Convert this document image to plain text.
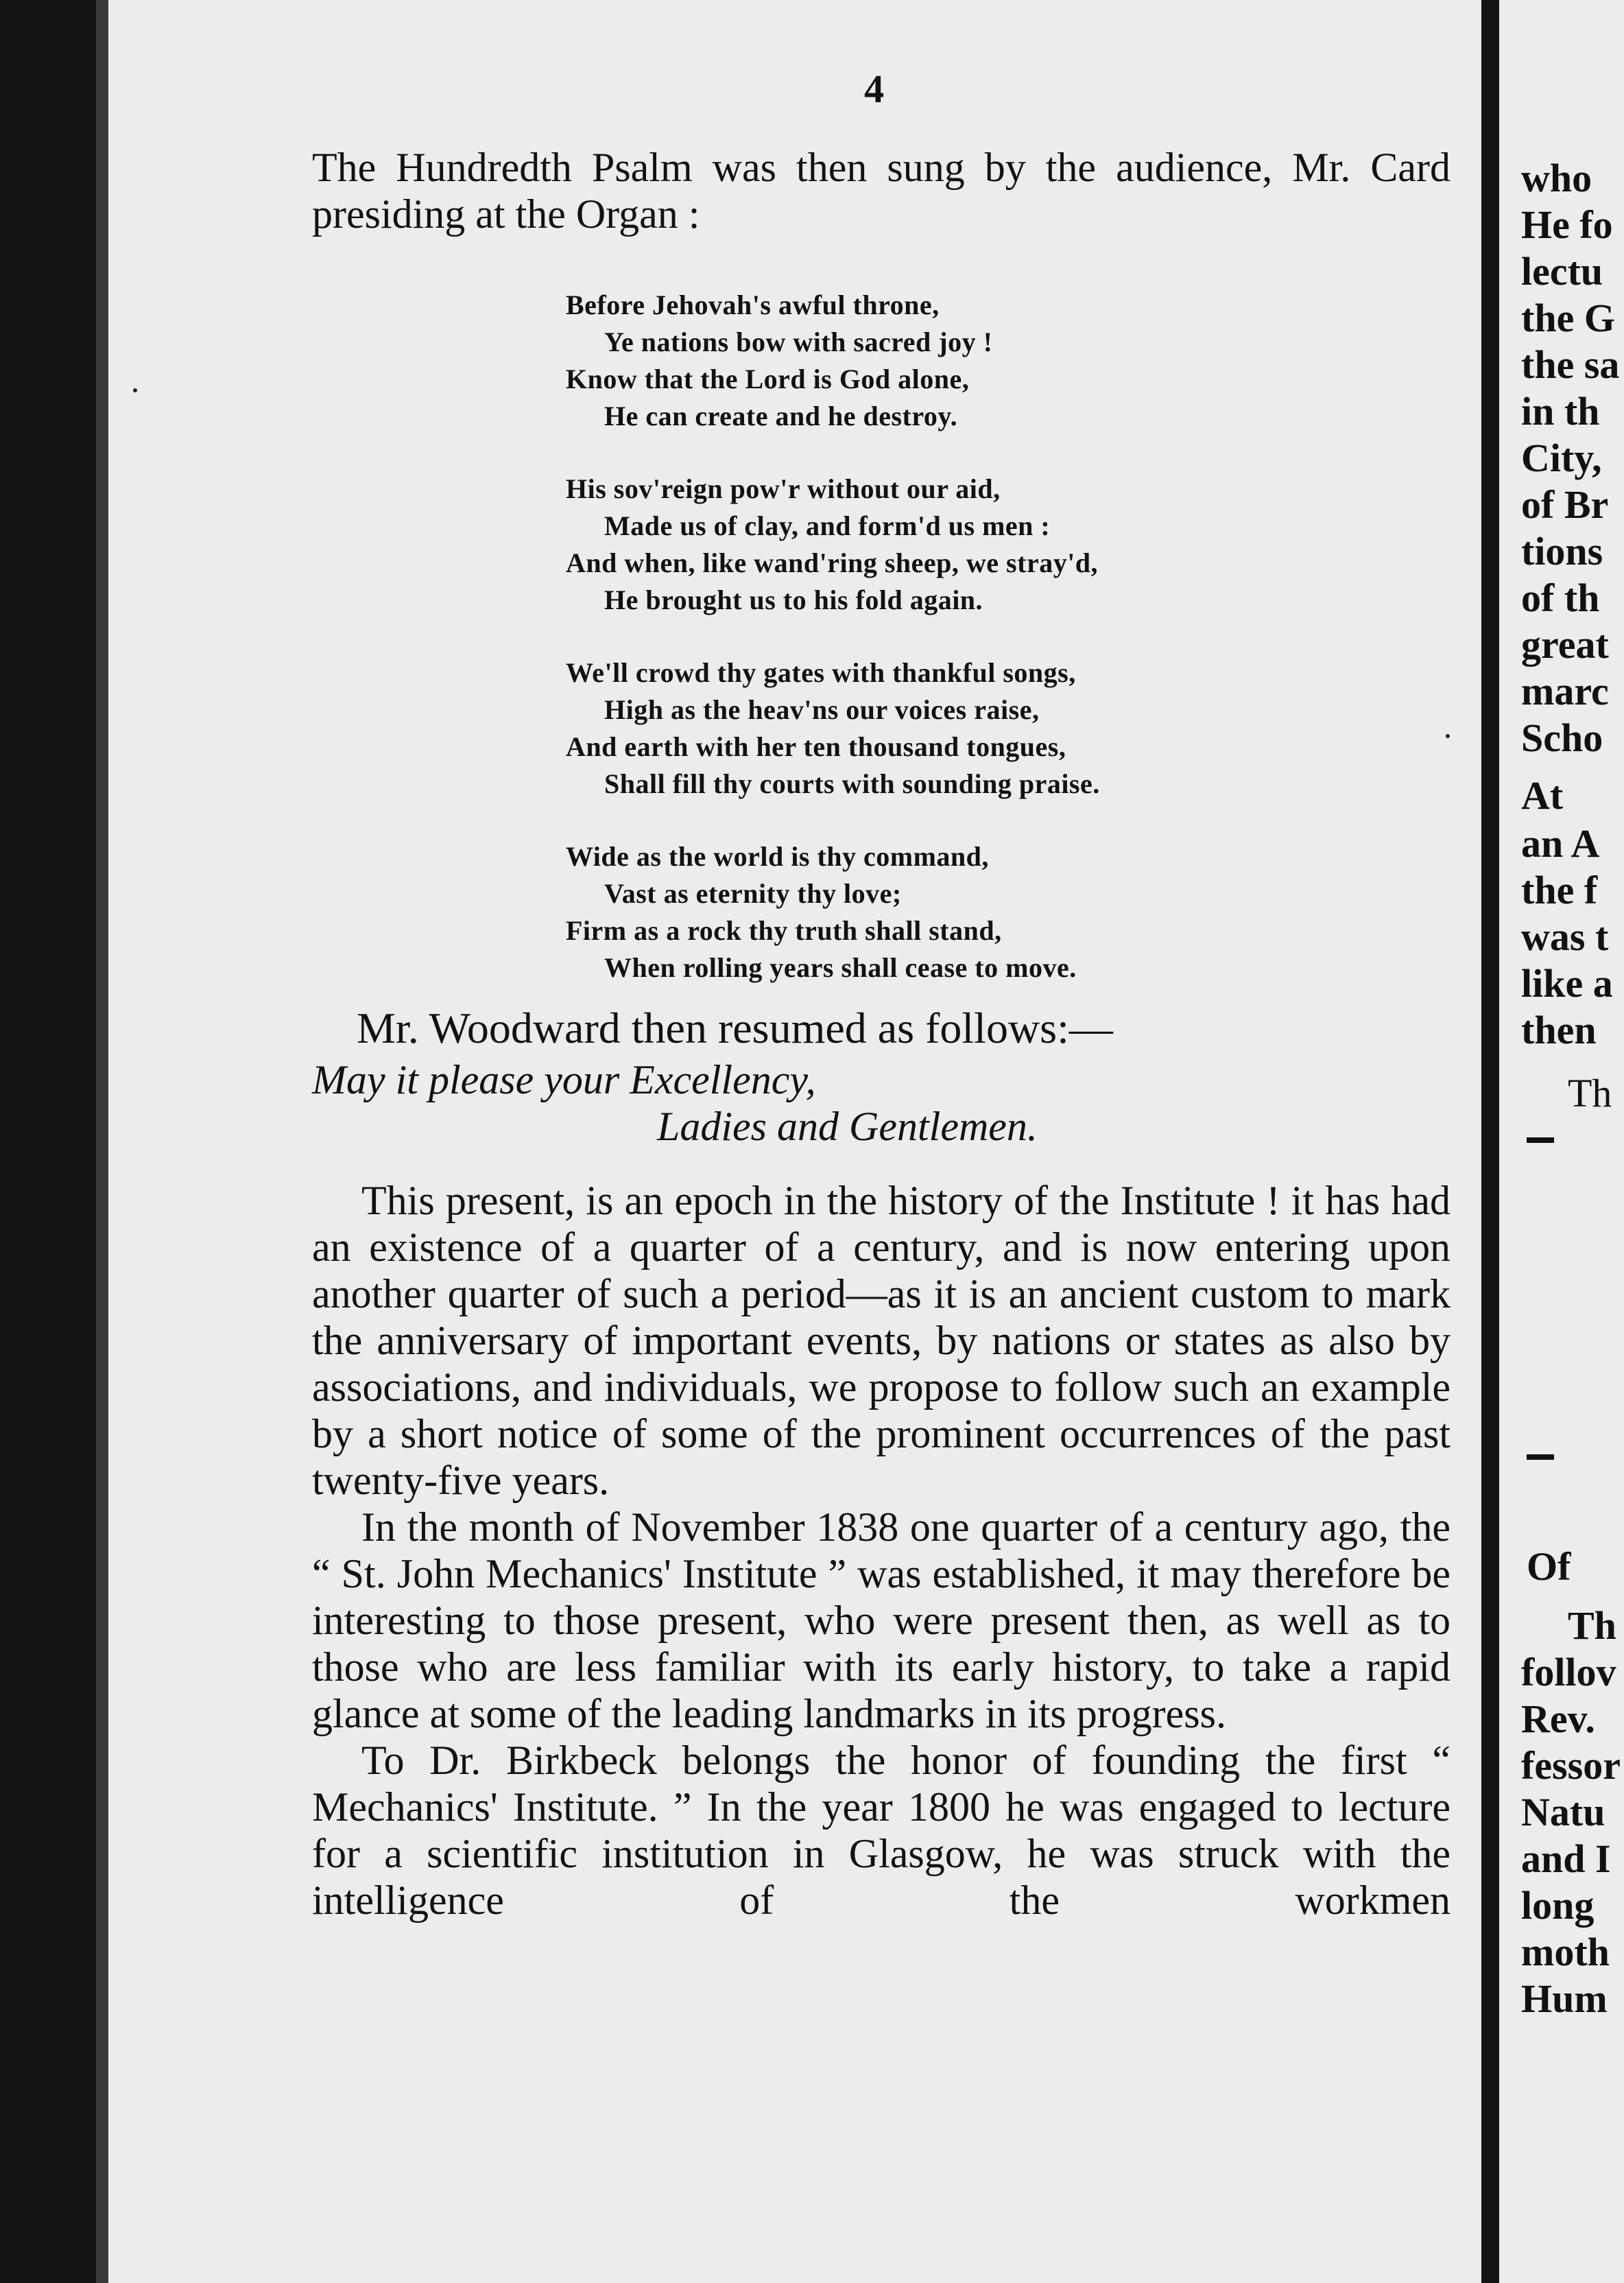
who
He fo
lectu
the G
the sa
in th
City,
of Br
tions
of th
great
marc
Scho
At
an A
the f
was t
like a
then
Th
Of
Th
follov
Rev.
fessor
Natu
and I
long
moth
Hum
4

The Hundredth Psalm was then sung by the audience, Mr. Card presiding at the Organ :

Before Jehovah's awful throne,
Ye nations bow with sacred joy !
Know that the Lord is God alone,
He can create and he destroy.
His sov'reign pow'r without our aid,
Made us of clay, and form'd us men :
And when, like wand'ring sheep, we stray'd,
He brought us to his fold again.
We'll crowd thy gates with thankful songs,
High as the heav'ns our voices raise,
And earth with her ten thousand tongues,
Shall fill thy courts with sounding praise.
Wide as the world is thy command,
Vast as eternity thy love;
Firm as a rock thy truth shall stand,
When rolling years shall cease to move.
Mr. Woodward then resumed as follows:—
May it please your Excellency,
Ladies and Gentlemen.

This present, is an epoch in the history of the Institute ! it has had an existence of a quarter of a century, and is now entering upon another quarter of such a period—as it is an ancient custom to mark the anniversary of important events, by nations or states as also by associations, and individuals, we propose to follow such an example by a short notice of some of the prominent occurrences of the past twenty-five years.

In the month of November 1838 one quarter of a century ago, the “ St. John Mechanics' Institute ” was established, it may therefore be interesting to those present, who were present then, as well as to those who are less familiar with its early history, to take a rapid glance at some of the leading landmarks in its progress.

To Dr. Birkbeck belongs the honor of founding the first “ Mechanics' Institute. ” In the year 1800 he was engaged to lecture for a scientific institution in Glasgow, he was struck with the intelligence of the workmen
